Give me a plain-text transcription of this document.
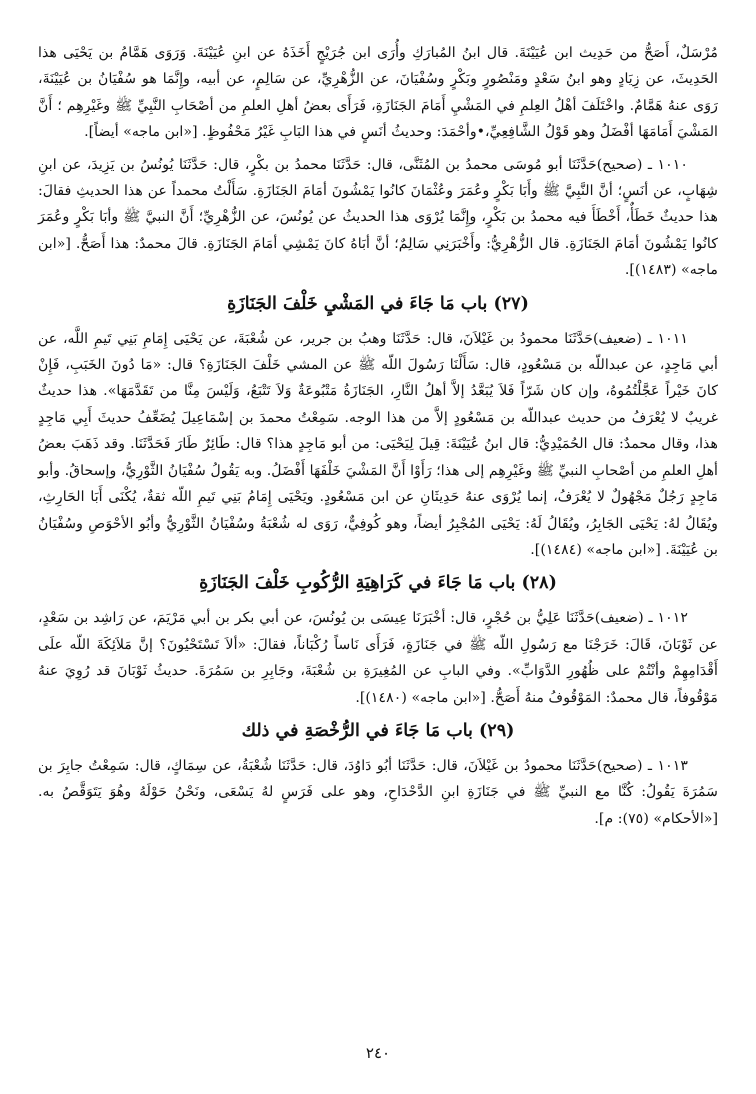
مُرْسَلٌ، أَصَحُّ من حَدِيث ابن عُيَيْنَةَ. قال ابنُ المُبارَكِ وأُرَى ابن جُرَيْجٍ أَخَذَهُ عن ابنِ عُيَيْنَةَ. وَرَوَى هَمَّامُ بن يَحْيَى هذا الحَدِيثَ، عن زِيَادٍ وهو ابنُ سَعْدٍ ومَنْصُورٍ وبَكْرٍ وسُفْيَانَ، عن الزُّهْرِيِّ، عن سَالِمٍ، عن أبيه، وإِنَّمَا هو سُفْيَانُ بن عُيَيْنَةَ، رَوَى عنهُ هَمَّامٌ. واخْتَلَفَ أهْلُ العِلمِ في المَشْيِ أَمَامَ الجَنَازَةِ، فَرَأَى بعضُ أهلِ العلمِ من أصْحَابِ النَّبِيِّ ﷺ وغَيْرِهِم ؛ أَنَّ المَشْيَ أَمَامَهَا أفْضَلُ وهو قَوْلُ الشَّافِعِيِّ،•وأحْمَدَ: وحديثُ أنَسٍ في هذا البَابِ غَيْرُ مَحْفُوظٍ. [«ابن ماجه» أيضاً].

١٠١٠ ـ (صحيح)حَدَّثَنَا أبو مُوسَى محمدُ بن المُثَنَّى، قال: حَدَّثَنَا محمدُ بن بكْرٍ، قال: حَدَّثَنَا يُونُسُ بن يَزِيدَ، عن ابنِ شِهَابٍ، عن أنَسٍ؛ أنَّ النَّبِيَّ ﷺ وأَبَا بَكْرٍ وعُمَرَ وعُثْمَانَ كانُوا يَمْشُونَ أمَامَ الجَنَازَةِ. سَأَلْتُ محمداً عن هذا الحديثِ فقالَ: هذا حديثٌ خَطَأٌ، أَخْطَأَ فيه محمدُ بن بَكْرٍ، وإِنَّمَا يُرْوَى هذا الحديثُ عن يُونُسَ، عن الزُّهْرِيِّ؛ أَنَّ النبيَّ ﷺ وأبَا بَكْرٍ وعُمَرَ كانُوا يَمْشُونَ أمَامَ الجَنَازَةِ. قال الزُّهْرِيُّ: وأَخْبَرَنِي سَالِمٌ؛ أنَّ أبَاهُ كانَ يَمْشِي أمَامَ الجَنَازَةِ. قالَ محمدٌ: هذا أَصَحُّ. [«ابن ماجه» (١٤٨٣)].

(٢٧) باب مَا جَاءَ في المَشْيِ خَلْفَ الجَنَازَةِ

١٠١١ ـ (ضعيف)حَدَّثَنَا محمودُ بن غَيْلاَنَ، قال: حَدَّثَنَا وهبُ بن جرير، عن شُعْبَةَ، عن يَحْيَى إِمَامِ بَنِي تَيمِ اللَّه، عن أبي مَاجِدٍ، عن عبداللّه بن مَسْعُودٍ، قال: سَأَلْنَا رَسُولَ اللّه ﷺ عن المشي خَلْفَ الجَنَازَةِ؟ قال: «مَا دُونَ الخَبَبِ، فَإِنْ كانَ خَيْراً عَجَّلْتُمُوهُ، وإن كان شَرّاً فَلاَ يُبَعَّدُ إلاَّ أهلُ النَّارِ، الجَنَازَةُ مَتْبُوعَةٌ وَلاَ تَتْبَعُ، وَلَيْسَ مِنَّا من تَقَدَّمَهَا». هذا حديثٌ غريبٌ لا يُعْرَفُ من حديث عبداللّه بن مَسْعُودٍ إلاَّ من هذا الوجه. سَمِعْتُ محمدَ بن إسْمَاعِيلَ يُضَعِّفُ حديثَ أَبِي مَاجِدٍ هذا، وقال محمدٌ: قال الحُمَيْدِيُّ: قال ابنُ عُيَيْنَةَ: قِيلَ لِيَحْيَى: من أبو مَاجِدٍ هذا؟ قال: طَائِرٌ طَارَ فَحَدَّثَنَا. وقد ذَهَبَ بعضُ أهلِ العلمِ من أصْحابِ النبيِّ ﷺ وغَيْرِهِم إلى هذا؛ رَأَوْا أَنَّ المَشْيَ خَلْفَهَا أَفْضَلُ. وبه يَقُولُ سُفْيَانُ الثَّوْرِيُّ، وإسحاقُ. وأبو مَاجِدٍ رَجُلٌ مَجْهُولٌ لا يُعْرَفُ، إنما يُرْوَى عنهُ حَدِيثَانِ عن ابن مَسْعُودٍ. ويَحْيَى إِمَامُ بَنِي تَيمِ اللّه ثقةٌ، يُكْنَى أَبَا الحَارِثِ، ويُقَالُ لهُ: يَحْيَى الجَابِرُ، ويُقَالُ لَهُ: يَحْيَى المُجْبِرُ أيضاً، وهو كُوفِيٌّ، رَوَى له شُعْبَةُ وسُفْيَانُ الثَّوْرِيُّ وأبُو الأحْوَصِ وسُفْيَانُ بن عُيَيْنَةَ. [«ابن ماجه» (١٤٨٤)].

(٢٨) باب مَا جَاءَ في كَرَاهِيَةِ الرُّكُوبِ خَلْفَ الجَنَازَةِ

١٠١٢ ـ (ضعيف)حَدَّثَنَا عَلِيُّ بن حُجْرٍ، قال: أخْبَرَنَا عِيسَى بن يُونُسَ، عن أبي بكر بن أبي مَرْيَمَ، عن رَاشِد بن سَعْدٍ، عن ثَوْبَانَ، قَالَ: خَرَجْنَا مع رَسُولِ اللّه ﷺ في جَنَازَةٍ، فَرَأَى نَاساً رُكْبَاناً، فقالَ: «ألاَ تَسْتَحْيُونَ؟ إنَّ مَلاَئِكَةَ اللّه علَى أَقْدَامِهِمْ وأنْتُمْ على ظُهُورِ الدَّوَابِّ». وفي البابِ عن المُغِيرَةِ بن شُعْبَةَ، وجَابِرِ بن سَمُرَةَ. حديثُ ثَوْبَانَ قد رُوِيَ عنهُ مَوْقُوفاً، قال محمدٌ: المَوْقُوفُ منهُ أَصَحُّ. [«ابن ماجه» (١٤٨٠)].

(٢٩) باب مَا جَاءَ في الرُّخْصَةِ في ذلك

١٠١٣ ـ (صحيح)حَدَّثَنَا محمودُ بن غَيْلاَنَ، قال: حَدَّثَنَا أبُو دَاوُدَ، قال: حَدَّثَنَا شُعْبَةُ، عن سِمَاكٍ، قال: سَمِعْتُ جابِرَ بن سَمُرَةَ يَقُولُ: كُنَّا مع النبيِّ ﷺ في جَنَازَةِ ابنِ الدَّحْدَاحِ، وهو على فَرَسٍ لهُ يَسْعَى، ونَحْنُ حَوْلَهُ وهُوَ يَتَوَقَّصُ به. [«الأحكام» (٧٥): م].

٢٤٠
